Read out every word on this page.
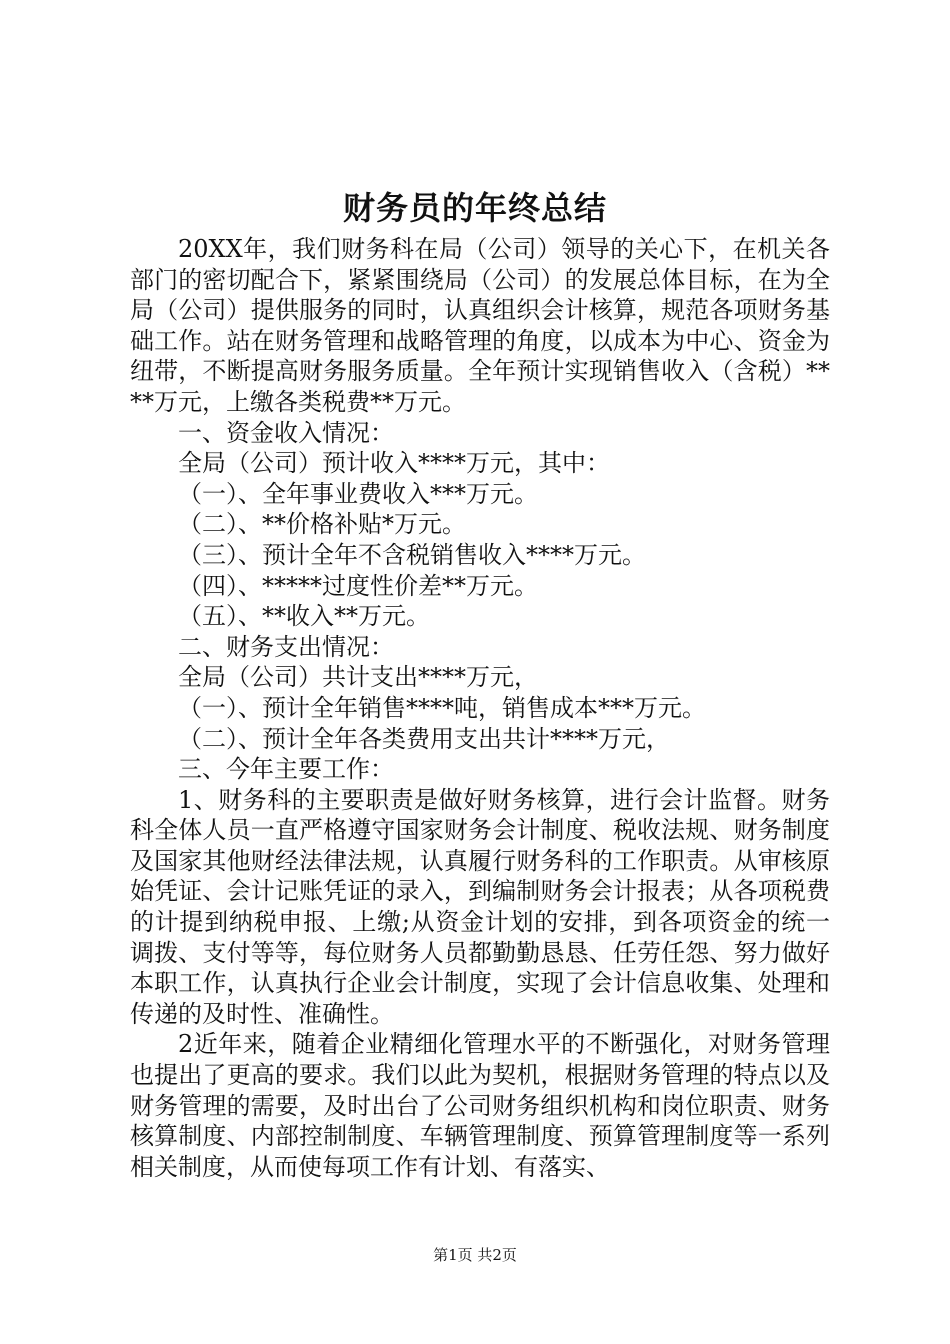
财务员的年终总结

20XX年，我们财务科在局（公司）领导的关心下，在机关各部门的密切配合下，紧紧围绕局（公司）的发展总体目标，在为全局（公司）提供服务的同时，认真组织会计核算，规范各项财务基础工作。站在财务管理和战略管理的角度，以成本为中心、资金为纽带，不断提高财务服务质量。全年预计实现销售收入（含税）****万元，上缴各类税费**万元。

一、资金收入情况：

全局（公司）预计收入****万元，其中：

（一）、全年事业费收入***万元。

（二）、**价格补贴*万元。

（三）、预计全年不含税销售收入****万元。

（四）、*****过度性价差**万元。

（五）、**收入**万元。

二、财务支出情况：

全局（公司）共计支出****万元，

（一）、预计全年销售****吨，销售成本***万元。

（二）、预计全年各类费用支出共计****万元，

三、今年主要工作：

1、财务科的主要职责是做好财务核算，进行会计监督。财务科全体人员一直严格遵守国家财务会计制度、税收法规、财务制度及国家其他财经法律法规，认真履行财务科的工作职责。从审核原始凭证、会计记账凭证的录入，到编制财务会计报表；从各项税费的计提到纳税申报、上缴;从资金计划的安排，到各项资金的统一调拨、支付等等，每位财务人员都勤勤恳恳、任劳任怨、努力做好本职工作，认真执行企业会计制度，实现了会计信息收集、处理和传递的及时性、准确性。

2近年来，随着企业精细化管理水平的不断强化，对财务管理也提出了更高的要求。我们以此为契机，根据财务管理的特点以及财务管理的需要，及时出台了公司财务组织机构和岗位职责、财务核算制度、内部控制制度、车辆管理制度、预算管理制度等一系列相关制度，从而使每项工作有计划、有落实、

第1页 共2页
